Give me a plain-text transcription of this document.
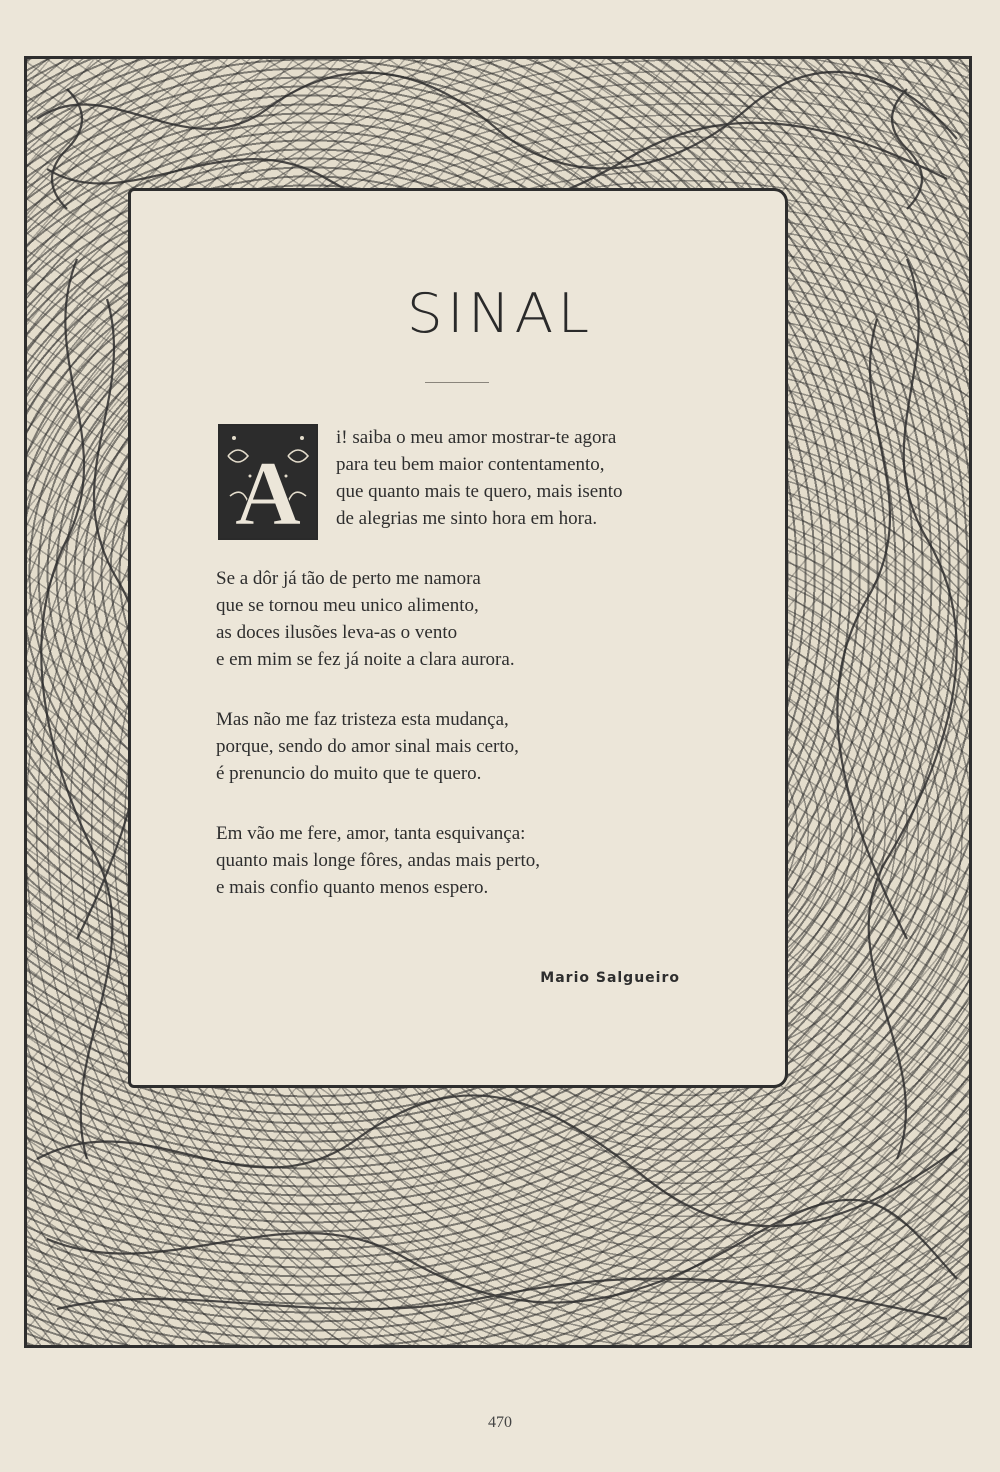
SINAL
A
i! saiba o meu amor mostrar-te agora
para teu bem maior contentamento,
que quanto mais te quero, mais isento
de alegrias me sinto hora em hora.
Se a dôr já tão de perto me namora
que se tornou meu unico alimento,
as doces ilusões leva-as o vento
e em mim se fez já noite a clara aurora.
Mas não me faz tristeza esta mudança,
porque, sendo do amor sinal mais certo,
é prenuncio do muito que te quero.
Em vão me fere, amor, tanta esquivança:
quanto mais longe fôres, andas mais perto,
e mais confio quanto menos espero.
Mario Salgueiro
470
